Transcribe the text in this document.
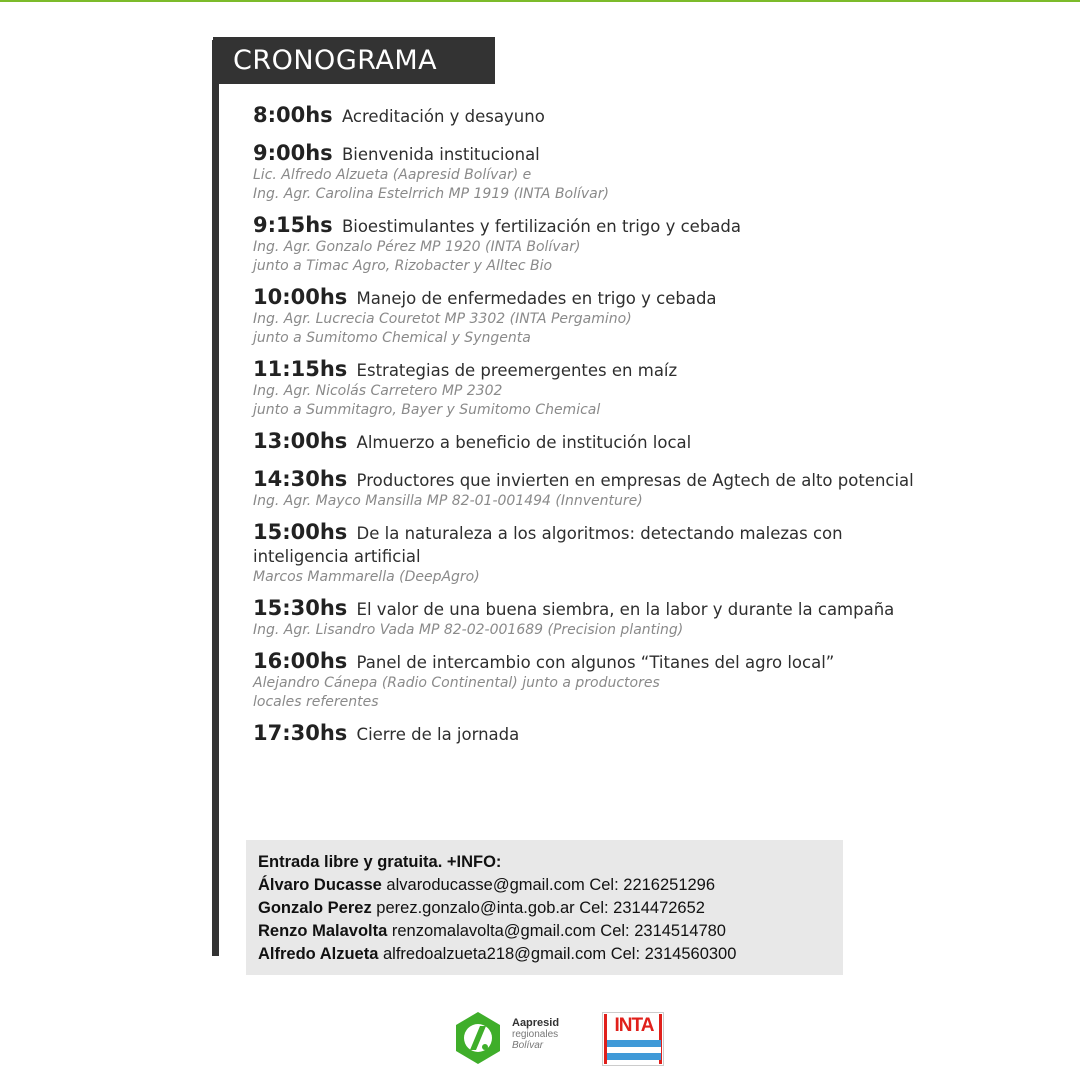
CRONOGRAMA
8:00hs Acreditación y desayuno
9:00hs Bienvenida institucional
Lic. Alfredo Alzueta (Aapresid Bolívar) e
Ing. Agr. Carolina Estelrrich MP 1919 (INTA Bolívar)
9:15hs Bioestimulantes y fertilización en trigo y cebada
Ing. Agr. Gonzalo Pérez MP 1920 (INTA Bolívar)
junto a Timac Agro, Rizobacter y Alltec Bio
10:00hs Manejo de enfermedades en trigo y cebada
Ing. Agr. Lucrecia Couretot MP 3302 (INTA Pergamino)
junto a Sumitomo Chemical y Syngenta
11:15hs Estrategias de preemergentes en maíz
Ing. Agr. Nicolás Carretero MP 2302
junto a Summitagro, Bayer y Sumitomo Chemical
13:00hs Almuerzo a beneficio de institución local
14:30hs Productores que invierten en empresas de Agtech de alto potencial
Ing. Agr. Mayco Mansilla MP 82-01-001494 (Innventure)
15:00hs De la naturaleza a los algoritmos: detectando malezas con inteligencia artificial
Marcos Mammarella (DeepAgro)
15:30hs El valor de una buena siembra, en la labor y durante la campaña
Ing. Agr. Lisandro Vada MP 82-02-001689 (Precision planting)
16:00hs Panel de intercambio con algunos “Titanes del agro local”
Alejandro Cánepa (Radio Continental) junto a productores
locales referentes
17:30hs Cierre de la jornada
Entrada libre y gratuita. +INFO:
Álvaro Ducasse alvaroducasse@gmail.com Cel: 2216251296
Gonzalo Perez perez.gonzalo@inta.gob.ar Cel: 2314472652
Renzo Malavolta renzomalavolta@gmail.com Cel: 2314514780
Alfredo Alzueta alfredoalzueta218@gmail.com Cel: 2314560300
Aapresid
regionales
Bolívar
INTA
